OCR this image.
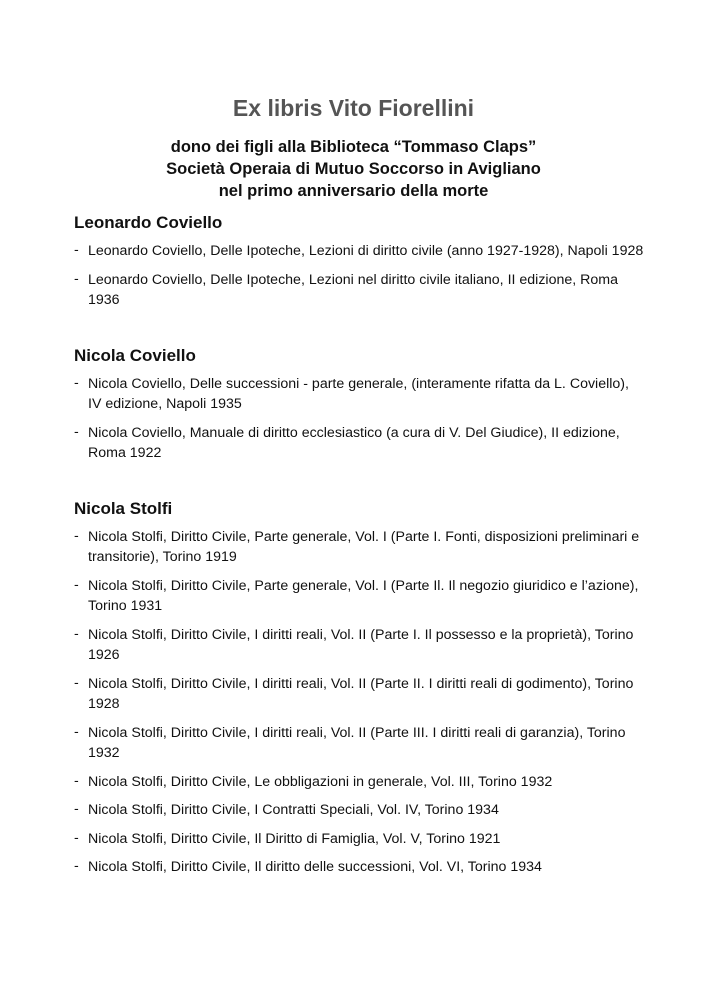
Ex libris Vito Fiorellini
dono dei figli alla Biblioteca “Tommaso Claps”
Società Operaia di Mutuo Soccorso in Avigliano
nel primo anniversario della morte
Leonardo Coviello
- Leonardo Coviello, Delle Ipoteche, Lezioni di diritto civile (anno 1927-1928), Napoli 1928
- Leonardo Coviello, Delle Ipoteche, Lezioni nel diritto civile italiano, II edizione, Roma 1936
Nicola Coviello
- Nicola Coviello, Delle successioni - parte generale, (interamente rifatta da L. Coviello), IV edizione, Napoli 1935
- Nicola Coviello, Manuale di diritto ecclesiastico (a cura di V. Del Giudice), II edizione, Roma 1922
Nicola Stolfi
- Nicola Stolfi, Diritto Civile, Parte generale, Vol. I (Parte I. Fonti, disposizioni preliminari e transitorie), Torino 1919
- Nicola Stolfi, Diritto Civile, Parte generale, Vol. I (Parte Il. Il negozio giuridico e l’azione), Torino 1931
- Nicola Stolfi, Diritto Civile, I diritti reali, Vol. II (Parte I. Il possesso e la proprietà), Torino 1926
- Nicola Stolfi, Diritto Civile, I diritti reali, Vol. II (Parte II. I diritti reali di godimento), Torino 1928
- Nicola Stolfi, Diritto Civile, I diritti reali, Vol. II (Parte III. I diritti reali di garanzia), Torino 1932
- Nicola Stolfi, Diritto Civile, Le obbligazioni in generale, Vol. III, Torino 1932
- Nicola Stolfi, Diritto Civile, I Contratti Speciali, Vol. IV, Torino 1934
- Nicola Stolfi, Diritto Civile, Il Diritto di Famiglia, Vol. V, Torino 1921
- Nicola Stolfi, Diritto Civile, Il diritto delle successioni, Vol. VI, Torino 1934
